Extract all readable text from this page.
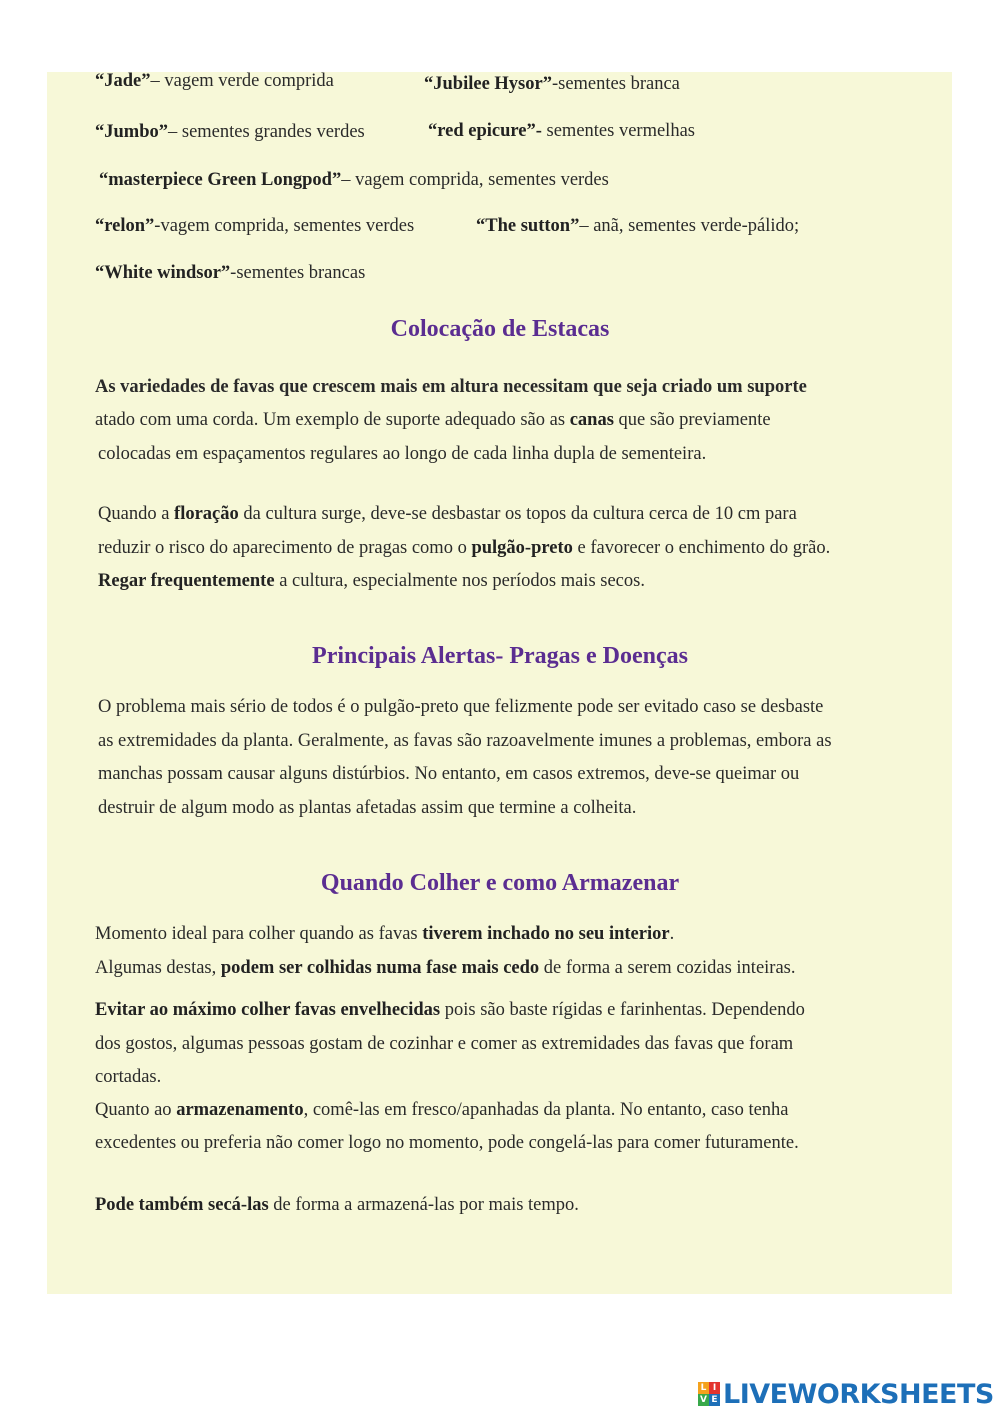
“Jade”– vagem verde comprida	“Jubilee Hysor”-sementes branca
“Jumbo”– sementes grandes verdes	“red epicure”- sementes vermelhas
“masterpiece Green Longpod”– vagem comprida, sementes verdes
“relon”-vagem comprida, sementes verdes	“The sutton”– anã, sementes verde-pálido;
“White windsor”-sementes brancas
Colocação de Estacas
As variedades de favas que crescem mais em altura necessitam que seja criado um suporte
atado com uma corda. Um exemplo de suporte adequado são as canas que são previamente
colocadas em espaçamentos regulares ao longo de cada linha dupla de sementeira.
Quando a floração da cultura surge, deve-se desbastar os topos da cultura cerca de 10 cm para
reduzir o risco do aparecimento de pragas como o pulgão-preto e favorecer o enchimento do grão.
Regar frequentemente a cultura, especialmente nos períodos mais secos.
Principais Alertas- Pragas e Doenças
O problema mais sério de todos é o pulgão-preto que felizmente pode ser evitado caso se desbaste
as extremidades da planta. Geralmente, as favas são razoavelmente imunes a problemas, embora as
manchas possam causar alguns distúrbios. No entanto, em casos extremos, deve-se queimar ou
destruir de algum modo as plantas afetadas assim que termine a colheita.
Quando Colher e como Armazenar
Momento ideal para colher quando as favas tiverem inchado no seu interior.
Algumas destas, podem ser colhidas numa fase mais cedo de forma a serem cozidas inteiras.
Evitar ao máximo colher favas envelhecidas pois são baste rígidas e farinhentas. Dependendo
dos gostos, algumas pessoas gostam de cozinhar e comer as extremidades das favas que foram
cortadas.
Quanto ao armazenamento, comê-las em fresco/apanhadas da planta. No entanto, caso tenha
excedentes ou preferia não comer logo no momento, pode congelá-las para comer futuramente.
Pode também secá-las de forma a armazená-las por mais tempo.
L I
V E LIVEWORKSHEETS
